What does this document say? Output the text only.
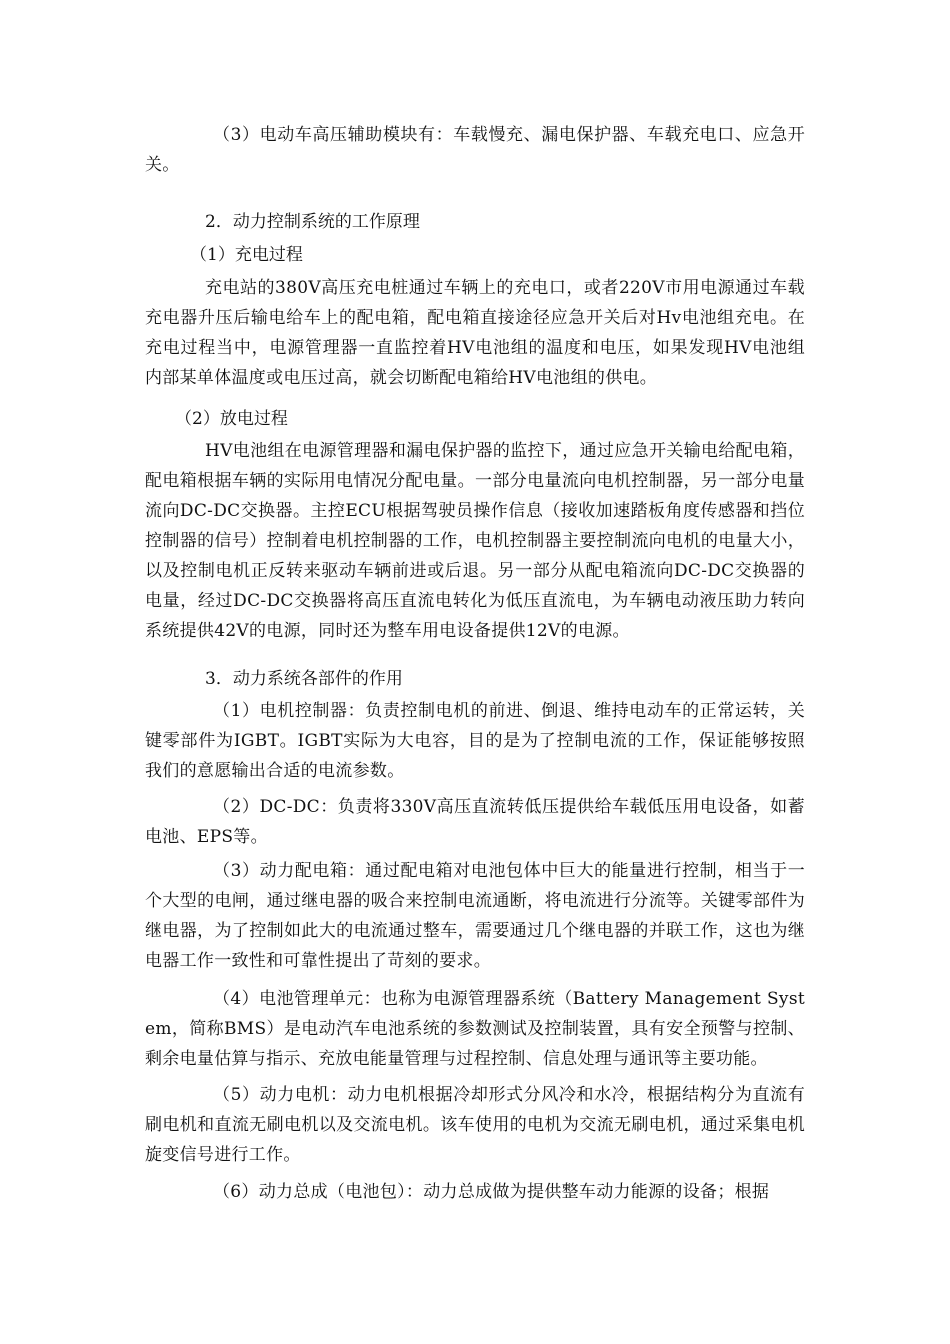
（3）电动车高压辅助模块有：车载慢充、漏电保护器、车载充电口、应急开关。

2．动力控制系统的工作原理

（1）充电过程

充电站的380V高压充电桩通过车辆上的充电口，或者220V市用电源通过车载充电器升压后输电给车上的配电箱，配电箱直接途径应急开关后对Hv电池组充电。在充电过程当中，电源管理器一直监控着HV电池组的温度和电压，如果发现HV电池组内部某单体温度或电压过高，就会切断配电箱给HV电池组的供电。

（2）放电过程

HV电池组在电源管理器和漏电保护器的监控下，通过应急开关输电给配电箱，配电箱根据车辆的实际用电情况分配电量。一部分电量流向电机控制器，另一部分电量流向DC-DC交换器。主控ECU根据驾驶员操作信息（接收加速踏板角度传感器和挡位控制器的信号）控制着电机控制器的工作，电机控制器主要控制流向电机的电量大小，以及控制电机正反转来驱动车辆前进或后退。另一部分从配电箱流向DC-DC交换器的电量，经过DC-DC交换器将高压直流电转化为低压直流电，为车辆电动液压助力转向系统提供42V的电源，同时还为整车用电设备提供12V的电源。

3．动力系统各部件的作用

（1）电机控制器：负责控制电机的前进、倒退、维持电动车的正常运转，关键零部件为IGBT。IGBT实际为大电容，目的是为了控制电流的工作，保证能够按照我们的意愿输出合适的电流参数。

（2）DC-DC：负责将330V高压直流转低压提供给车载低压用电设备，如蓄电池、EPS等。

（3）动力配电箱：通过配电箱对电池包体中巨大的能量进行控制，相当于一个大型的电闸，通过继电器的吸合来控制电流通断，将电流进行分流等。关键零部件为继电器，为了控制如此大的电流通过整车，需要通过几个继电器的并联工作，这也为继电器工作一致性和可靠性提出了苛刻的要求。

（4）电池管理单元：也称为电源管理器系统（Battery Management System，简称BMS）是电动汽车电池系统的参数测试及控制装置，具有安全预警与控制、剩余电量估算与指示、充放电能量管理与过程控制、信息处理与通讯等主要功能。

（5）动力电机：动力电机根据冷却形式分风冷和水冷，根据结构分为直流有刷电机和直流无刷电机以及交流电机。该车使用的电机为交流无刷电机，通过采集电机旋变信号进行工作。

（6）动力总成（电池包）：动力总成做为提供整车动力能源的设备；根据
